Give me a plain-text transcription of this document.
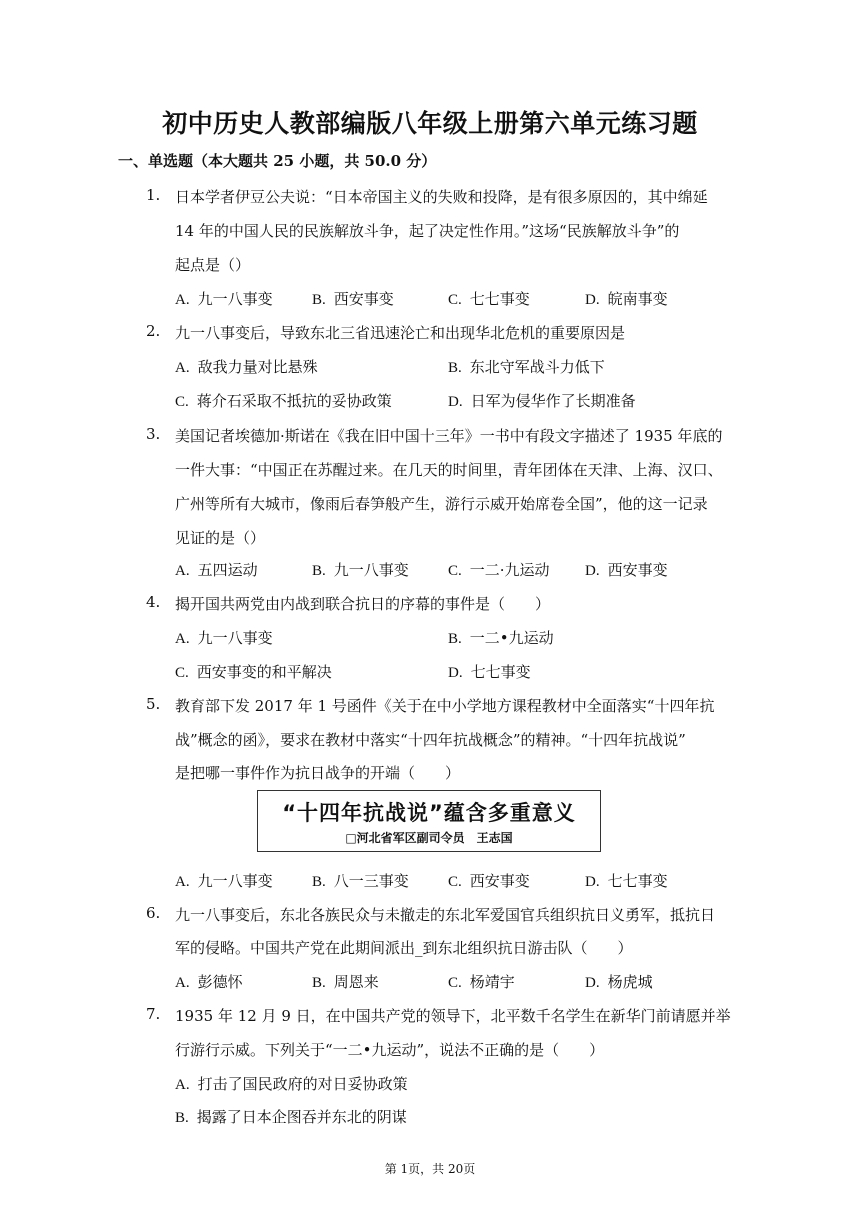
初中历史人教部编版八年级上册第六单元练习题
一、单选题（本大题共 25 小题，共 50.0 分）
1. 日本学者伊豆公夫说：“日本帝国主义的失败和投降，是有很多原因的，其中绵延
14 年的中国人民的民族解放斗争，起了决定性作用。”这场“民族解放斗争”的
起点是（）
A. 九一八事变	B. 西安事变	C. 七七事变	D. 皖南事变
2. 九一八事变后，导致东北三省迅速沦亡和出现华北危机的重要原因是
A. 敌我力量对比悬殊	B. 东北守军战斗力低下
C. 蒋介石采取不抵抗的妥协政策	D. 日军为侵华作了长期准备
3. 美国记者埃德加·斯诺在《我在旧中国十三年》一书中有段文字描述了 1935 年底的
一件大事：“中国正在苏醒过来。在几天的时间里，青年团体在天津、上海、汉口、
广州等所有大城市，像雨后春笋般产生，游行示威开始席卷全国”，他的这一记录
见证的是（）
A. 五四运动	B. 九一八事变	C. 一二·九运动 D. 西安事变
4. 揭开国共两党由内战到联合抗日的序幕的事件是（　　）
A. 九一八事变	B. 一二•九运动
C. 西安事变的和平解决	D. 七七事变
5. 教育部下发 2017 年 1 号函件《关于在中小学地方课程教材中全面落实“十四年抗
战”概念的函》，要求在教材中落实“十四年抗战概念”的精神。“十四年抗战说”
是把哪一事件作为抗日战争的开端（　　）
“十四年抗战说”蕴含多重意义
□河北省军区副司令员　王志国
A. 九一八事变	B. 八一三事变	C. 西安事变	D. 七七事变
6. 九一八事变后，东北各族民众与未撤走的东北军爱国官兵组织抗日义勇军，抵抗日
军的侵略。中国共产党在此期间派出_到东北组织抗日游击队（　　）
A. 彭德怀	B. 周恩来	C. 杨靖宇	D. 杨虎城
7. 1935 年 12 月 9 日，在中国共产党的领导下，北平数千名学生在新华门前请愿并举
行游行示威。下列关于“一二•九运动”，说法不正确的是（　　）
A. 打击了国民政府的对日妥协政策
B. 揭露了日本企图吞并东北的阴谋
第 1页，共 20页
